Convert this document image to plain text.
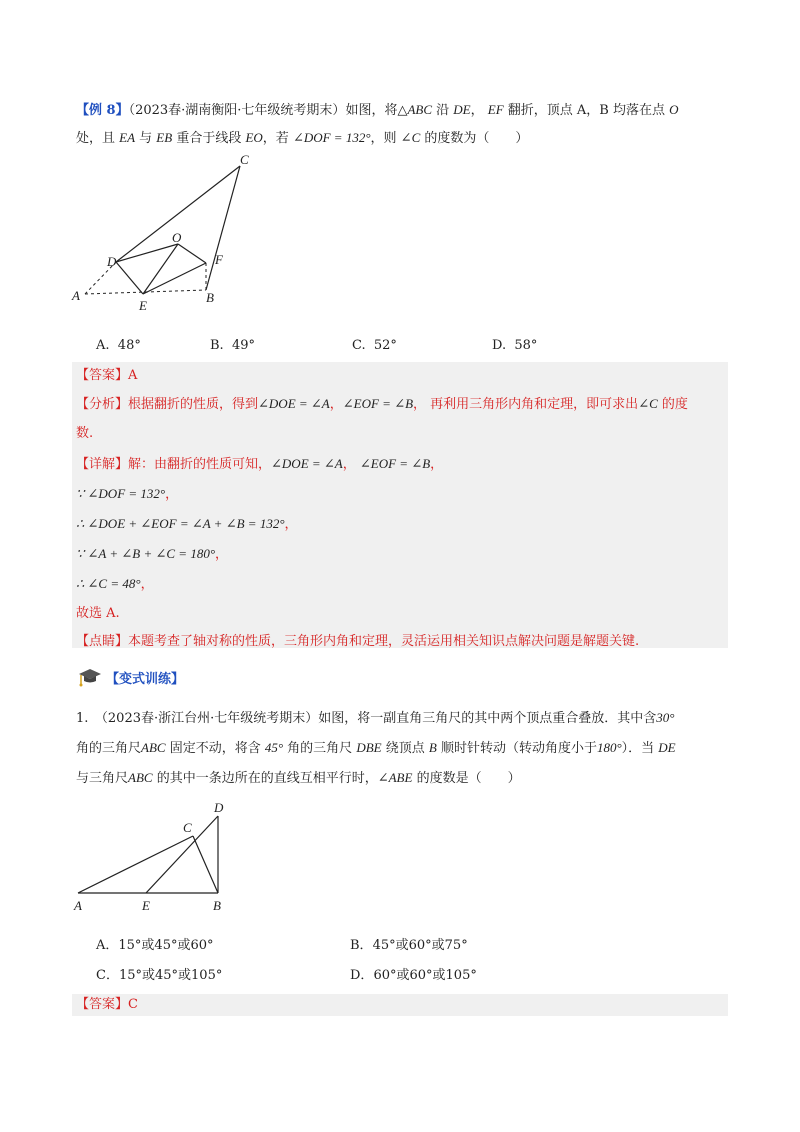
【例 8】（2023春·湖南衡阳·七年级统考期末）如图，将△ABC 沿 DE， EF 翻折，顶点 A，B 均落在点 O
处，且 EA 与 EB 重合于线段 EO，若 ∠DOF = 132°，则 ∠C 的度数为（　　）
C
D
O
F
A
E
B
A. 48°	B. 49°	C. 52°	D. 58°
【答案】A
【分析】根据翻折的性质，得到∠DOE = ∠A，∠EOF = ∠B， 再利用三角形内角和定理，即可求出∠C 的度
数.
【详解】解：由翻折的性质可知，∠DOE = ∠A， ∠EOF = ∠B，
∵ ∠DOF = 132°，
∴ ∠DOE + ∠EOF = ∠A + ∠B = 132°，
∵ ∠A + ∠B + ∠C = 180°，
∴ ∠C = 48°，
故选 A.
【点睛】本题考查了轴对称的性质，三角形内角和定理，灵活运用相关知识点解决问题是解题关键.
【变式训练】
1.　（2023春·浙江台州·七年级统考期末）如图，将一副直角三角尺的其中两个顶点重合叠放．其中含30°
角的三角尺ABC 固定不动，将含 45° 角的三角尺 DBE 绕顶点 B 顺时针转动（转动角度小于180°）．当 DE
与三角尺ABC 的其中一条边所在的直线互相平行时，∠ABE 的度数是（　　）
D
C
A	E	B
A．15°或45°或60°	B．45°或60°或75°
C．15°或45°或105°	D．60°或60°或105°
【答案】C
